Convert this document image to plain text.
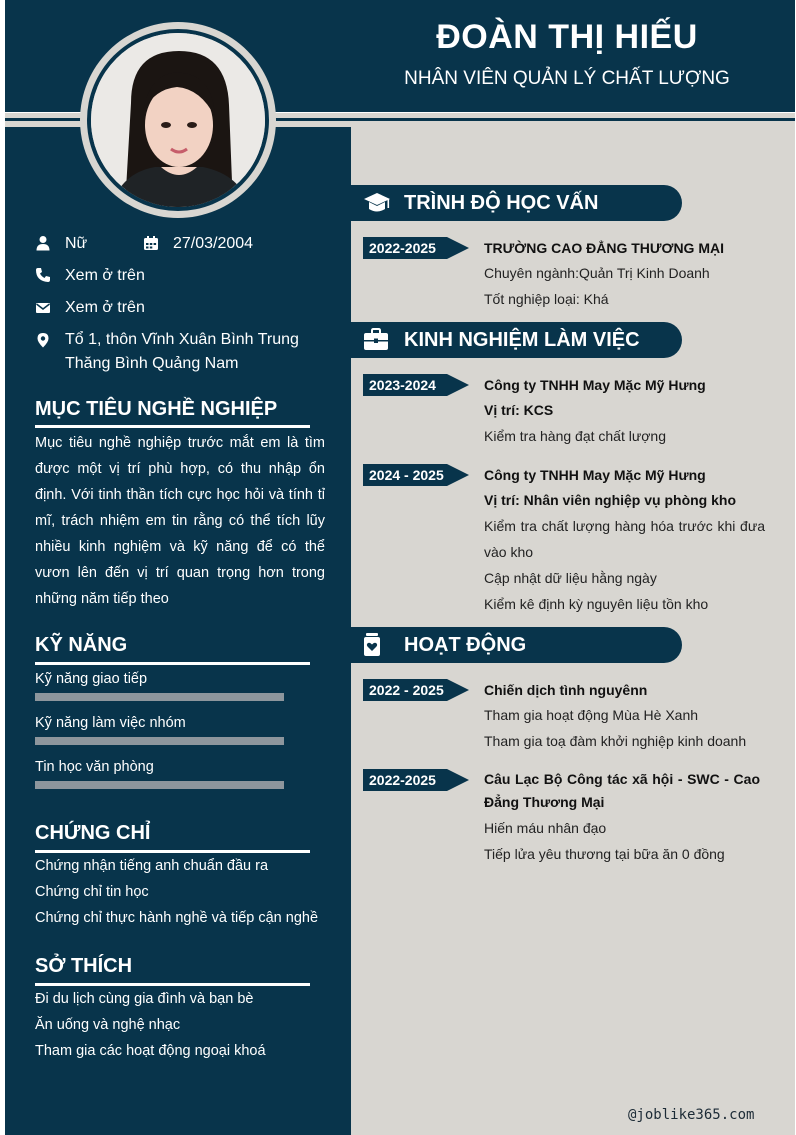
ĐOÀN THỊ HIẾU
NHÂN VIÊN QUẢN LÝ CHẤT LƯỢNG
Nữ	27/03/2004
Xem ở trên
Xem ở trên
Tổ 1, thôn Vĩnh Xuân Bình Trung
Thăng Bình Quảng Nam
MỤC TIÊU NGHỀ NGHIỆP
Mục tiêu nghề nghiệp trước mắt em là tìm được một vị trí phù hợp, có thu nhập ổn định. Với tinh thần tích cực học hỏi và tính tỉ mĩ, trách nhiệm em tin rằng có thể tích lũy nhiều kinh nghiệm và kỹ năng để có thể vươn lên đến vị trí quan trọng hơn trong những năm tiếp theo
KỸ NĂNG
Kỹ năng giao tiếp
Kỹ năng làm việc nhóm
Tin học văn phòng
CHỨNG CHỈ
Chứng nhận tiếng anh chuẩn đầu ra
Chứng chỉ tin học
Chứng chỉ thực hành nghề và tiếp cận nghề
SỞ THÍCH
Đi du lịch cùng gia đình và bạn bè
Ăn uống và nghệ nhạc
Tham gia các hoạt động ngoại khoá
TRÌNH ĐỘ HỌC VẤN
2022-2025	TRƯỜNG CAO ĐẲNG THƯƠNG MẠI
Chuyên ngành:Quản Trị Kinh Doanh
Tốt nghiệp loại: Khá
KINH NGHIỆM LÀM VIỆC
2023-2024	Công ty TNHH May Mặc Mỹ Hưng
Vị trí: KCS
Kiểm tra hàng đạt chất lượng
2024 - 2025	Công ty TNHH May Mặc Mỹ Hưng
Vị trí: Nhân viên nghiệp vụ phòng kho
Kiểm tra chất lượng hàng hóa trước khi đưa vào kho
Cập nhật dữ liệu hằng ngày
Kiểm kê định kỳ nguyên liệu tồn kho
HOẠT ĐỘNG
2022 - 2025	Chiến dịch tình nguyênn
Tham gia hoạt động Mùa Hè Xanh
Tham gia toạ đàm khởi nghiệp kinh doanh
2022-2025	Câu Lạc Bộ Công tác xã hội - SWC - Cao Đẳng Thương Mại
Hiến máu nhân đạo
Tiếp lửa yêu thương tại bữa ăn 0 đồng
@joblike365.com
